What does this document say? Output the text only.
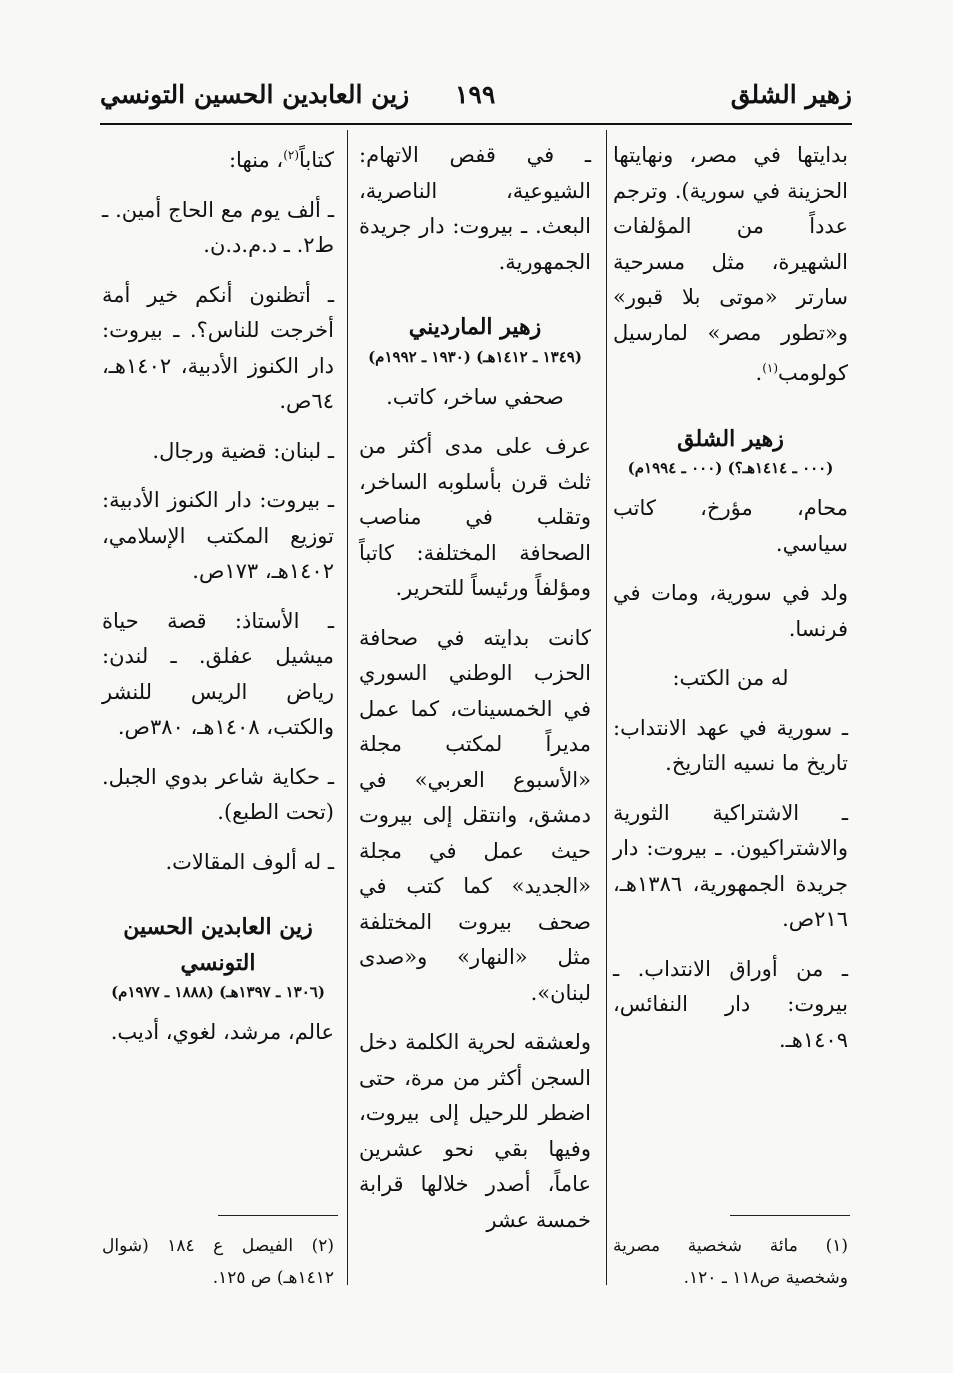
زهير الشلق
١٩٩
زين العابدين الحسين التونسي

بدايتها في مصر، ونهايتها الحزينة في سورية). وترجم عدداً من المؤلفات الشهيرة، مثل مسرحية سارتر «موتى بلا قبور» و«تطور مصر» لمارسيل كولومب$^{(١)}$.

زهير الشلق
(٠٠٠ ـ ١٤١٤هـ؟) (٠٠٠ ـ ١٩٩٤م)

محام، مؤرخ، كاتب سياسي.

ولد في سورية، ومات في فرنسا.

له من الكتب:

ـ سورية في عهد الانتداب: تاريخ ما نسيه التاريخ.

ـ الاشتراكية الثورية والاشتراكيون. ـ بيروت: دار جريدة الجمهورية، ١٣٨٦هـ، ٢١٦ص.

ـ من أوراق الانتداب. ـ بيروت: دار النفائس، ١٤٠٩هـ.

ـ في قفص الاتهام: الشيوعية، الناصرية، البعث. ـ بيروت: دار جريدة الجمهورية.

زهير المارديني
(١٣٤٩ ـ ١٤١٢هـ) (١٩٣٠ ـ ١٩٩٢م)

صحفي ساخر، كاتب.

عرف على مدى أكثر من ثلث قرن بأسلوبه الساخر، وتقلب في مناصب الصحافة المختلفة: كاتباً ومؤلفاً ورئيساً للتحرير.

كانت بدايته في صحافة الحزب الوطني السوري في الخمسينات، كما عمل مديراً لمكتب مجلة «الأسبوع العربي» في دمشق، وانتقل إلى بيروت حيث عمل في مجلة «الجديد» كما كتب في صحف بيروت المختلفة مثل «النهار» و«صدى لبنان».

ولعشقه لحرية الكلمة دخل السجن أكثر من مرة، حتى اضطر للرحيل إلى بيروت، وفيها بقي نحو عشرين عاماً، أصدر خلالها قرابة خمسة عشر

كتاباً$^{(٢)}$، منها:

ـ ألف يوم مع الحاج أمين. ـ ط٢. ـ د.م.د.ن.

ـ أتظنون أنكم خير أمة أخرجت للناس؟. ـ بيروت: دار الكنوز الأدبية، ١٤٠٢هـ، ٦٤ص.

ـ لبنان: قضية ورجال.

ـ بيروت: دار الكنوز الأدبية: توزيع المكتب الإسلامي، ١٤٠٢هـ، ١٧٣ص.

ـ الأستاذ: قصة حياة ميشيل عفلق. ـ لندن: رياض الريس للنشر والكتب، ١٤٠٨هـ، ٣٨٠ص.

ـ حكاية شاعر بدوي الجبل. (تحت الطبع).

ـ له ألوف المقالات.

زين العابدين الحسين التونسي
(١٣٠٦ ـ ١٣٩٧هـ) (١٨٨٨ ـ ١٩٧٧م)

عالم، مرشد، لغوي، أديب.

(١) مائة شخصية مصرية وشخصية ص١١٨ ـ ١٢٠.
(٢) الفيصل ع ١٨٤ (شوال ١٤١٢هـ) ص ١٢٥.
